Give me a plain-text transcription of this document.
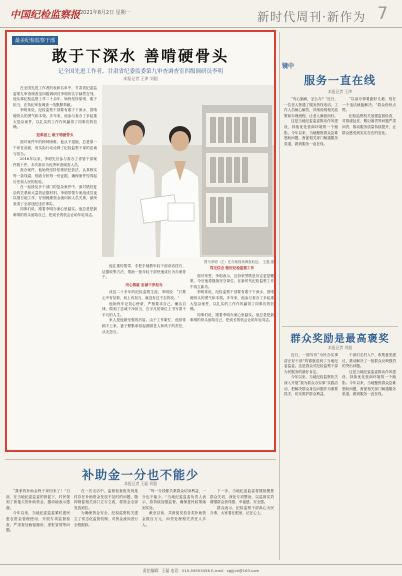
中国纪检监察报 2021年8月2日 星期一	新时代周刊·新作为 7
最美纪检监察干部
敢于下深水 善啃硬骨头
记全国先进工作者、甘肃省纪委监委第九审查调查室四级调研员李明
本报记者 王津 刘超

在全国先进工作者的表彰名单中，甘肃省纪委监委第九审查调查室四级调研员李明的名字赫然在列。他从事纪检监察工作二十余年，始终坚持原则、敢于担当，在执纪审查调查一线默默奉献。

李明常说，纪检监察干部要有敢于下深水、善啃硬骨头的勇气和本领。多年来，他参与查办了多起重大复杂案件，以扎实的工作作风赢得了同事们的信赖。

迎难而上 敢于啃硬骨头

面对案件中的种种困难，他从不退缩，总是第一个冲在前面，用实际行动诠释了纪检监察干部的忠诚与担当。

2016年以来，李明先后参与查办了省管干部案件数十件，多次被评为优秀审查调查人员。

查办案件，他始终坚持依规依纪依法，认真核实每一条线索，细致分析每一份证据，确保案件经得起历史和人民的检验。

在一起涉及多个部门的复杂案件中，面对错综复杂的关系和大量的证据材料，李明带领专案组成员夜以继日地工作，仔细梳理资金流向和人员关系，最终查清了全部违纪违法事实。

同事们说，跟着李明办案心里踏实。他总是把最难啃的骨头留给自己，把成长的机会让给年轻同志。

图为李明（左）在办案现场调查取证。 王磊 摄

他注重传帮带，手把手地教年轻干部谈话技巧、证据收集方法，帮助一批年轻干部快速成长为办案骨干。

用心铸就 忠诚干净担当

谈及二十多年的纪检监察生涯，李明说：“只要心中有信仰，肩上有担当，就没有过不去的坎。”

他始终牢记初心使命，严格要求自己，廉洁自律，做到了忠诚干净担当，在平凡的岗位上书写着不平凡的人生。

家人是他最坚强的后盾。由于工作繁忙，他常常顾不上家，妻子默默承担起照顾老人和孩子的责任，从无怨言。

笃定信念 做好纪检监察工作

面对荣誉，李明表示，这份荣誉既是肯定更是鞭策，今后他将继续坚守岗位，在新时代纪检监察工作中再立新功。

李明常说，纪检监察干部要有敢于下深水、善啃硬骨头的勇气和本领。多年来，他参与查办了多起重大复杂案件，以扎实的工作作风赢得了同事们的信赖。

同事们说，跟着李明办案心里踏实。他总是把最难啃的骨头留给自己，把成长的机会让给年轻同志。

镜中
服务一直在线
本报记者 王津

“有心脑病，怎么办？”近日，一位老人拨通了服务热线电话。工作人员耐心解答，详细说明相关政策和办理流程，让老人满意而归。

这是当地纪委监委推动作风建设、持续优化营商环境的一个缩影。今年以来，当地聚焦群众急难愁盼问题，督促相关部门畅通服务渠道，做到服务一直在线。

“以前办事要跑好几趟，现在一个电话就能解决。”群众纷纷点赞。

纪检监察机关加强监督检查，对推诿扯皮、敷衍塞责等问题严肃问责，推动服务质量持续提升，让群众感受到实实在在的变化。

群众奖励是最高褒奖
本报记者 刘超

近日，一面写有“为民办实事 清正好干部”的锦旗送到了当地纪委监委。这是群众对纪检监察干部为民服务的最好肯定。

今年以来，当地纪检监察机关深入开展“我为群众办实事”实践活动，把解决群众身边问题作为重要抓手，切实维护群众利益。

干部们走村入户，收集意见建议，推动解决了一批群众反映强烈的突出问题。

这是当地纪委监委推动作风建设、持续优化营商环境的一个缩影。今年以来，当地聚焦群众急难愁盼问题，督促相关部门畅通服务渠道，做到服务一直在线。

补助金一分也不能少
本报记者 王磊 刘超

“我家的补助金终于拿回来了！”日前，在当地纪委监委的督促下，村民领到了被拖欠的补助资金，激动地表示感谢。

今年以来，当地纪委监委紧盯惠民惠农资金管理使用，开展专项监督检查，严肃查处截留挪用、虚报冒领等问题。

在一次走访中，监督检查组发现某村存在补助资金发放不及时的问题，随即督促相关部门立行立改，将资金全部发放到位。

为确保资金安全，纪检监察机关建立了常态化监督机制，对资金流向进行全程跟踪。

“每一分钱都关系群众切身利益，一分也不能少。”当地纪委监委负责人表示，将持续加强监督，确保惠民政策落到实处。

截至目前，共督促发放各类补助资金数百万元，问责处理相关责任人多人。

下一步，当地纪委监委将继续聚焦群众关切，深化专项整治，以监督实效增强群众获得感、幸福感、安全感。

群众表示，纪检监察干部真心为民办事，大家看在眼里，记在心上。

责任编辑：王磊 电话：010-59553456 E-mail：zgjjjcb@163.com
